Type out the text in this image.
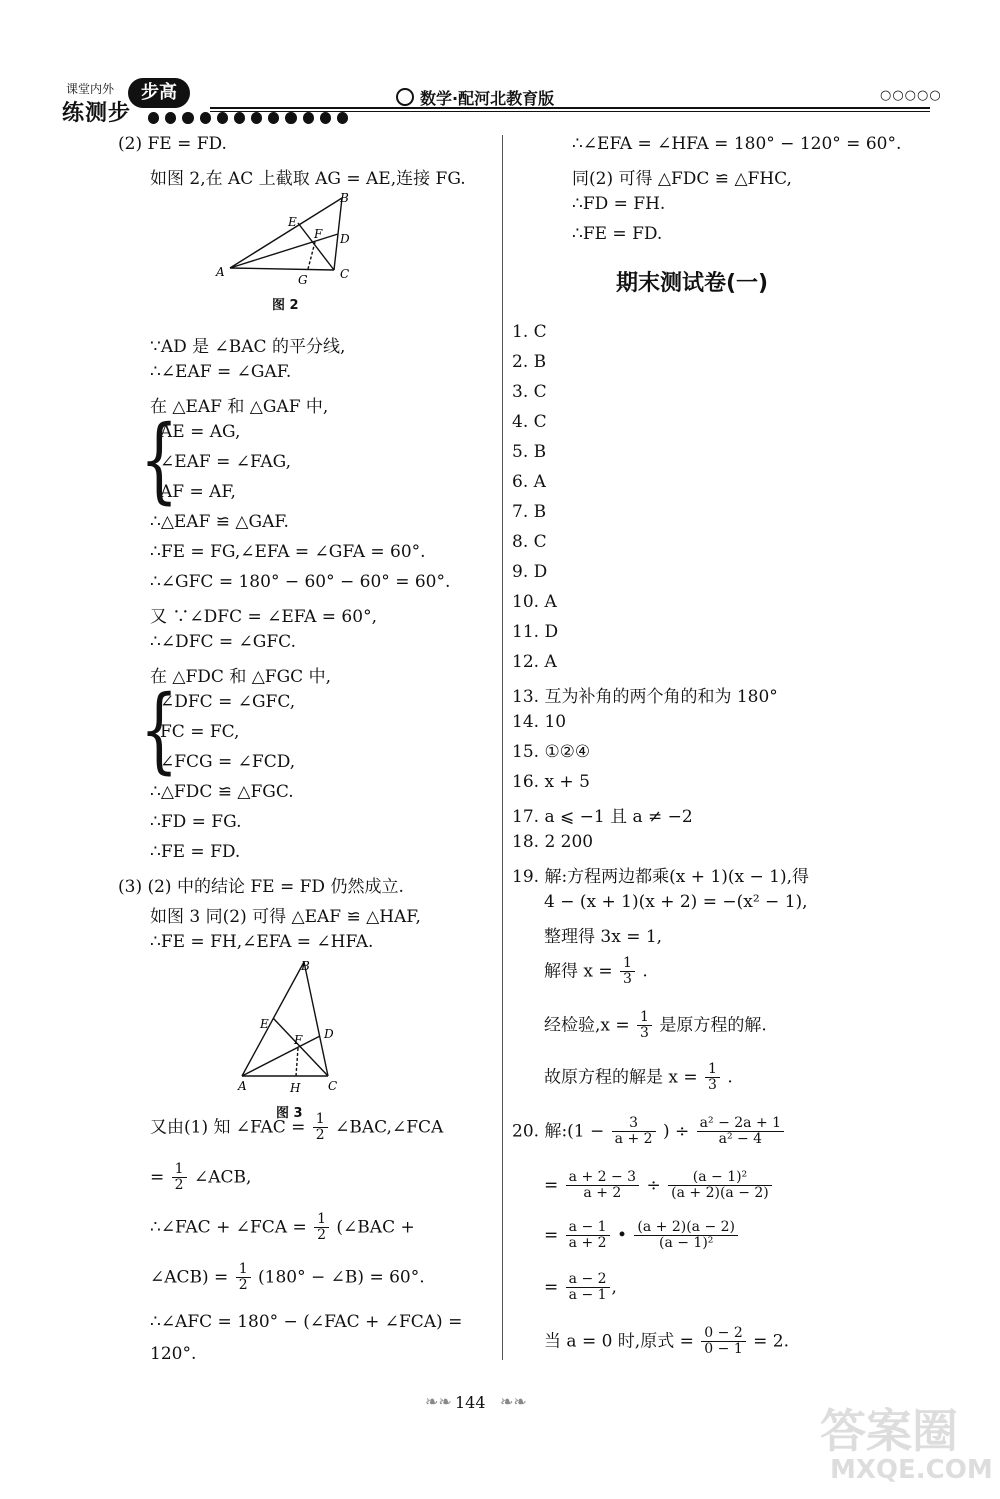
课堂内外
练测步
步高	数学·配河北教育版	○○○○○
(2) FE = FD.
如图 2,在 AC 上截取 AG = AE,连接 FG.
B
D
E
F
A
G	C
图 2
∵AD 是 ∠BAC 的平分线,
∴∠EAF = ∠GAF.
在 △EAF 和 △GAF 中,
{
AE = AG,
∠EAF = ∠FAG,
AF = AF,
∴△EAF ≌ △GAF.
∴FE = FG,∠EFA = ∠GFA = 60°.
∴∠GFC = 180° − 60° − 60° = 60°.
又 ∵∠DFC = ∠EFA = 60°,
∴∠DFC = ∠GFC.
在 △FDC 和 △FGC 中,
{
∠DFC = ∠GFC,
FC = FC,
∠FCG = ∠FCD,
∴△FDC ≌ △FGC.
∴FD = FG.
∴FE = FD.
(3) (2) 中的结论 FE = FD 仍然成立.
如图 3 同(2) 可得 △EAF ≌ △HAF,
∴FE = FH,∠EFA = ∠HFA.
B
E
D
F
A	H C
图 3
又由(1) 知 ∠FAC = $\frac{1}{2}$ ∠BAC,∠FCA
= $\frac{1}{2}$ ∠ACB,
∴∠FAC + ∠FCA = $\frac{1}{2}$ (∠BAC +
∠ACB) = $\frac{1}{2} (180^\circ$ − ∠B) = 60°.
∴∠AFC = 180° − (∠FAC + ∠FCA) =
120°.
∴∠EFA = ∠HFA = 180° − 120° = 60°.
同(2) 可得 △FDC ≌ △FHC,
∴FD = FH.
∴FE = FD.
期末测试卷(一)
1. C
2. B
3. C
4. C
5. B
6. A
7. B
8. C
9. D
10. A
11. D
12. A
13. 互为补角的两个角的和为 180°
14. 10
15. ①②④
16. x + 5
17. a ⩽ −1 且 a ≠ −2
18. 2 200
19. 解:方程两边都乘(x + 1)(x − 1),得
4 − (x + 1)(x + 2) = −(x² − 1),
整理得 3x = 1,
解得 $x = \frac{1}{3}$ .
经检验$,x = \frac{1}{3}$ 是原方程的解.
故原方程的解是 $x = \frac{1}{3}$ .
20. 解:(1 − $\frac{3}{a + 2}$ ) ÷ $\frac{\text{a² − 2a + 1}}{\text{a² − 4}}$
= $\frac{a + 2 - 3}{a + 2} \div \frac{\text{(a − 1)²}}{(a + 2)(a - 2)}$
= $\frac{a - 1}{a + 2}$ • $\frac{(a + 2)(a - 2)}{\text{(a − 1)²}}$
= $\frac{a - 2}{a - 1}$ ,
当 a = 0 时,原式 = $\frac{0 - 2}{0 - 1} = 2$.
❧❧ 144 ❧❧
答案圈
MXQE.COM
